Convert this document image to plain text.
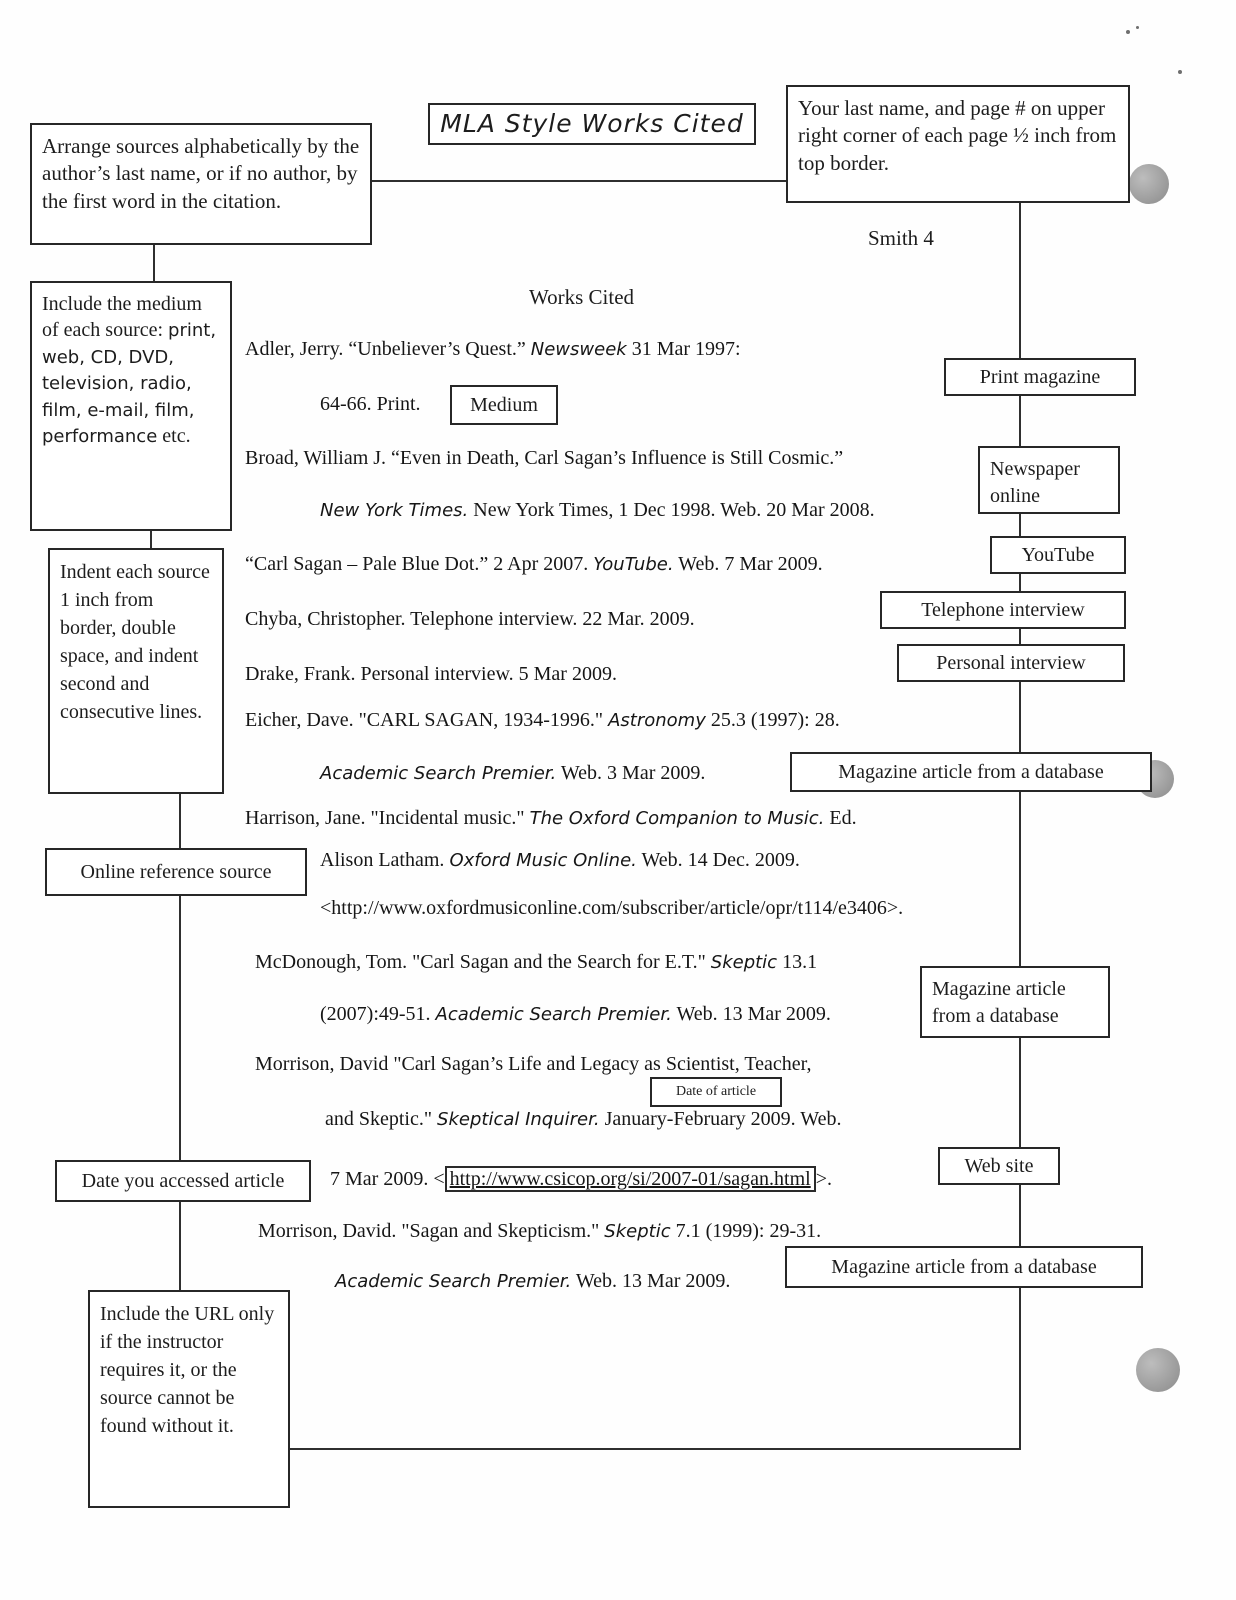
MLA Style Works Cited
Smith 4
Works Cited
Your last name, and page # on upper right corner of each page ½ inch from top border.
Arrange sources alphabetically by the author’s last name, or if no author, by the first word in the citation.
Include the medium of each source: print, web, CD, DVD, television, radio, film, e-mail, film, performance etc.
Indent each source 1 inch from border, double space, and indent second and consecutive lines.
Online reference source
Date you accessed article
Include the URL only if the instructor requires it, or the source cannot be found without it.
Medium
Print magazine
Newspaper online
YouTube
Telephone interview
Personal interview
Magazine article from a database
Magazine article from a database
Web site
Magazine article from a database
Date of article
Adler, Jerry. “Unbeliever’s Quest.” Newsweek 31 Mar 1997:
64-66. Print.
Broad, William J. “Even in Death, Carl Sagan’s Influence is Still Cosmic.”
New York Times. New York Times, 1 Dec 1998. Web. 20 Mar 2008.
“Carl Sagan – Pale Blue Dot.” 2 Apr 2007. YouTube. Web. 7 Mar 2009.
Chyba, Christopher. Telephone interview. 22 Mar. 2009.
Drake, Frank. Personal interview. 5 Mar 2009.
Eicher, Dave. "CARL SAGAN, 1934-1996." Astronomy 25.3 (1997): 28.
Academic Search Premier. Web. 3 Mar 2009.
Harrison, Jane. "Incidental music." The Oxford Companion to Music. Ed.
Alison Latham. Oxford Music Online. Web. 14 Dec. 2009.
<http://www.oxfordmusiconline.com/subscriber/article/opr/t114/e3406>.
McDonough, Tom. "Carl Sagan and the Search for E.T." Skeptic 13.1
(2007):49-51. Academic Search Premier. Web. 13 Mar 2009.
Morrison, David "Carl Sagan’s Life and Legacy as Scientist, Teacher,
and Skeptic." Skeptical Inquirer. January-February 2009. Web.
7 Mar 2009. < http://www.csicop.org/si/2007-01/sagan.html >.
Morrison, David. "Sagan and Skepticism." Skeptic 7.1 (1999): 29-31.
Academic Search Premier. Web. 13 Mar 2009.
